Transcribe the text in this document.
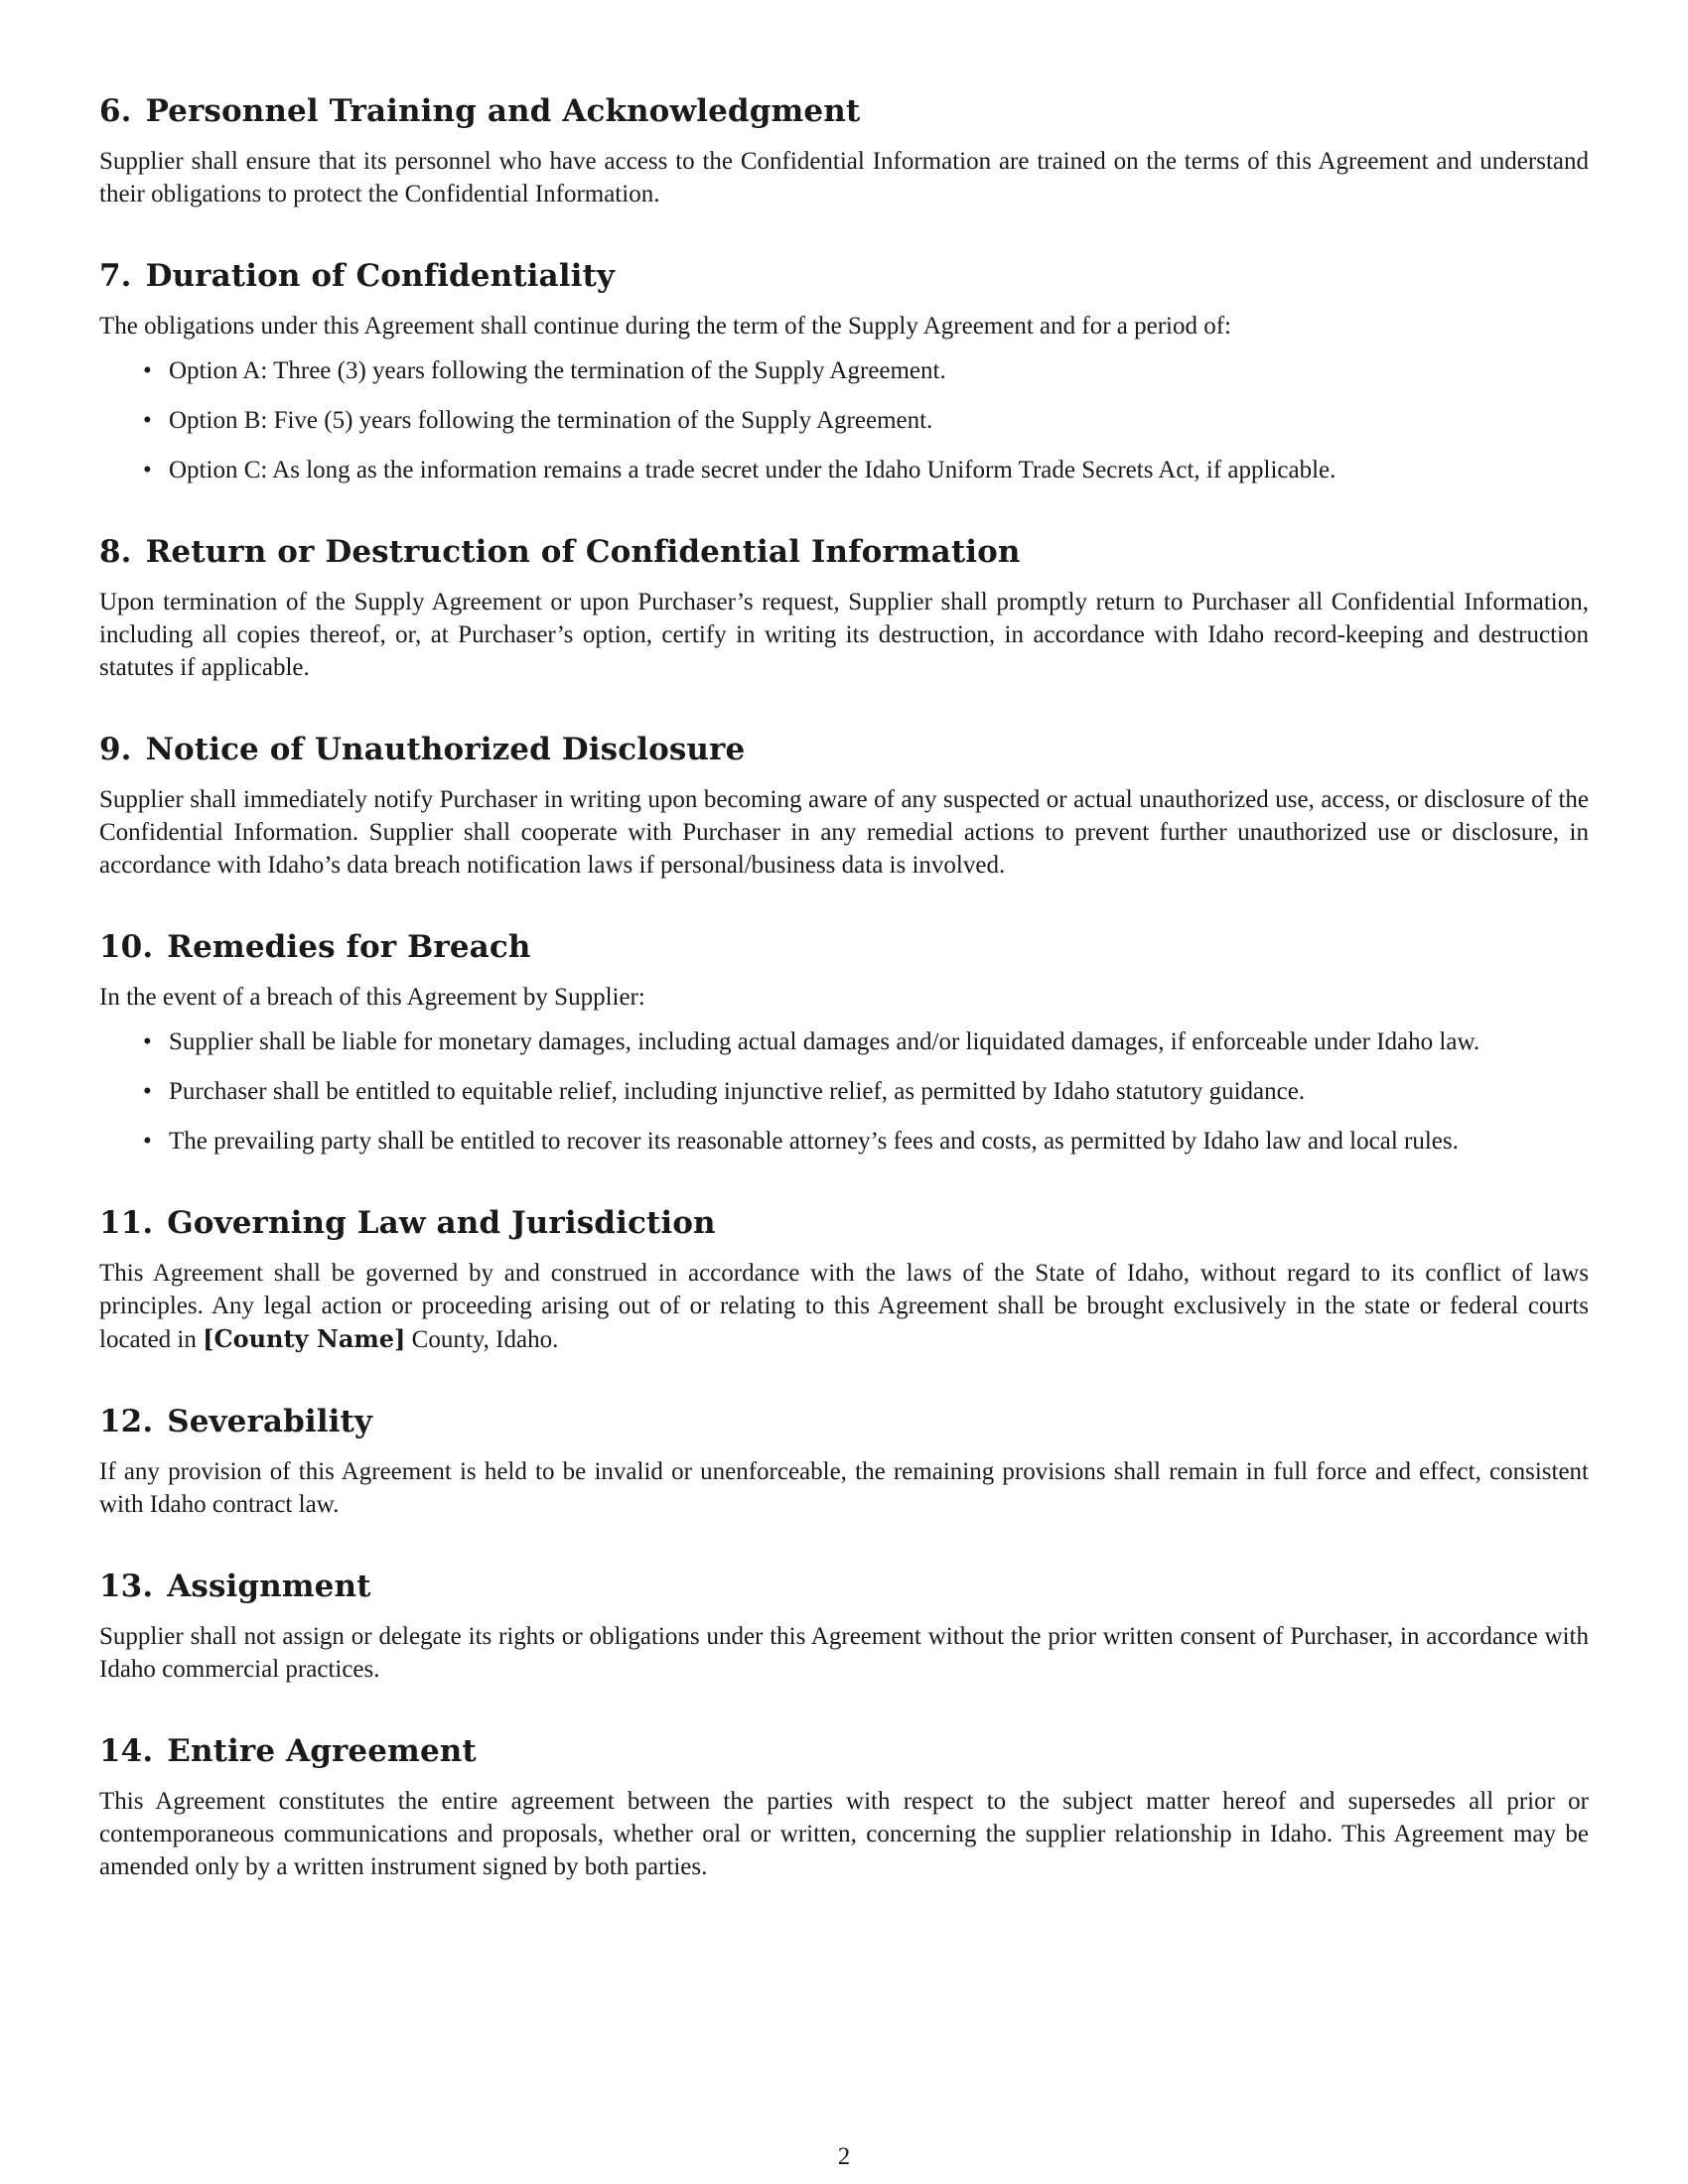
6. Personnel Training and Acknowledgment

Supplier shall ensure that its personnel who have access to the Confidential Information are trained on the terms of this Agreement and understand their obligations to protect the Confidential Information.

7. Duration of Confidentiality

The obligations under this Agreement shall continue during the term of the Supply Agreement and for a period of:

• Option A: Three (3) years following the termination of the Supply Agreement.
• Option B: Five (5) years following the termination of the Supply Agreement.
• Option C: As long as the information remains a trade secret under the Idaho Uniform Trade Secrets Act, if applicable.
8. Return or Destruction of Confidential Information

Upon termination of the Supply Agreement or upon Purchaser’s request, Supplier shall promptly return to Purchaser all Confidential Information, including all copies thereof, or, at Purchaser’s option, certify in writing its destruction, in accordance with Idaho record-keeping and destruction statutes if applicable.

9. Notice of Unauthorized Disclosure

Supplier shall immediately notify Purchaser in writing upon becoming aware of any suspected or actual unauthorized use, access, or disclosure of the Confidential Information. Supplier shall cooperate with Purchaser in any remedial actions to prevent further unauthorized use or disclosure, in accordance with Idaho’s data breach notification laws if personal/business data is involved.

10. Remedies for Breach

In the event of a breach of this Agreement by Supplier:

• Supplier shall be liable for monetary damages, including actual damages and/or liquidated damages, if enforceable under Idaho law.
• Purchaser shall be entitled to equitable relief, including injunctive relief, as permitted by Idaho statutory guidance.
• The prevailing party shall be entitled to recover its reasonable attorney’s fees and costs, as permitted by Idaho law and local rules.
11. Governing Law and Jurisdiction

This Agreement shall be governed by and construed in accordance with the laws of the State of Idaho, without regard to its conflict of laws principles. Any legal action or proceeding arising out of or relating to this Agreement shall be brought exclusively in the state or federal courts located in [County Name] County, Idaho.

12. Severability

If any provision of this Agreement is held to be invalid or unenforceable, the remaining provisions shall remain in full force and effect, consistent with Idaho contract law.

13. Assignment

Supplier shall not assign or delegate its rights or obligations under this Agreement without the prior written consent of Purchaser, in accordance with Idaho commercial practices.

14. Entire Agreement

This Agreement constitutes the entire agreement between the parties with respect to the subject matter hereof and supersedes all prior or contemporaneous communications and proposals, whether oral or written, concerning the supplier relationship in Idaho. This Agreement may be amended only by a written instrument signed by both parties.

2
